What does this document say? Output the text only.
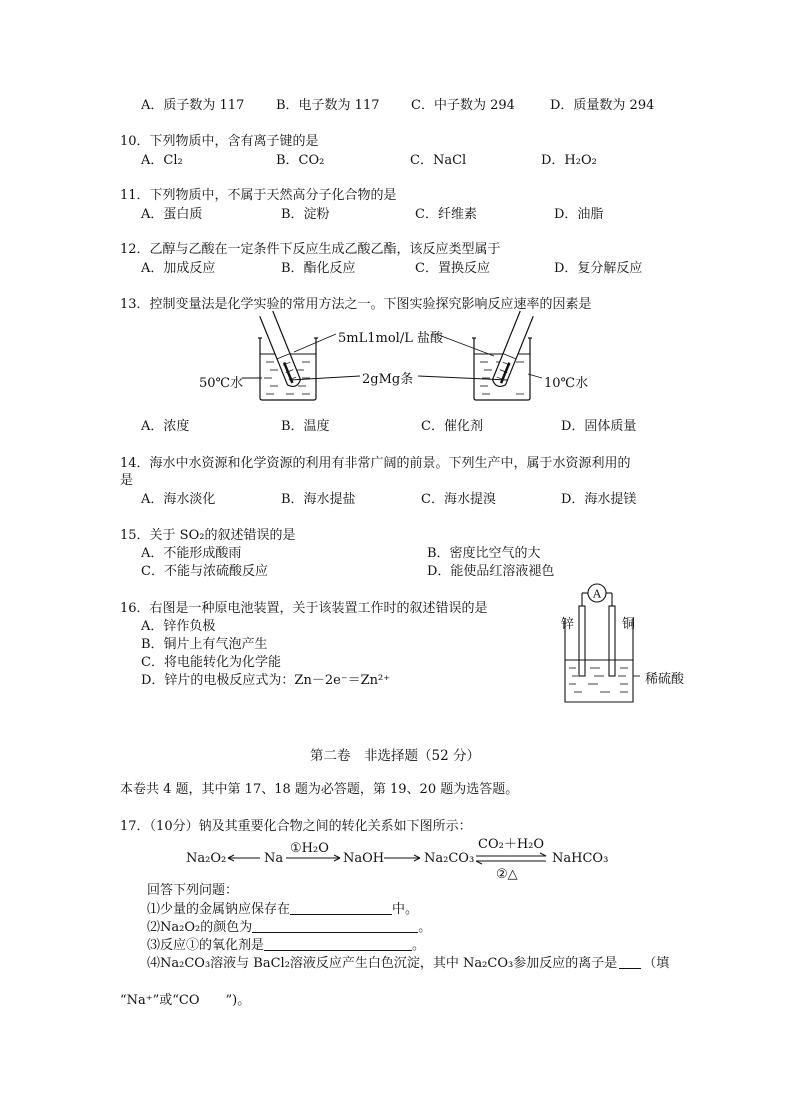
A．质子数为 117 B．电子数为 117 C．中子数为 294	D．质量数为 294
10．下列物质中，含有离子键的是
A．Cl₂	B．CO₂	C．NaCl	D．H₂O₂
11．下列物质中，不属于天然高分子化合物的是
A．蛋白质	B．淀粉	C．纤维素	D．油脂
12．乙醇与乙酸在一定条件下反应生成乙酸乙酯，该反应类型属于
A．加成反应	B．酯化反应	C．置换反应	D．复分解反应
13．控制变量法是化学实验的常用方法之一。下图实验探究影响反应速率的因素是
5mL1mol/L 盐酸
2gMg条
50℃水	10℃水
A．浓度	B．温度	C．催化剂	D．固体质量
14．海水中水资源和化学资源的利用有非常广阔的前景。下列生产中，属于水资源利用的
是
A．海水淡化	B．海水提盐	C．海水提溴	D．海水提镁
15．关于 SO₂的叙述错误的是
A．不能形成酸雨	B．密度比空气的大
C．不能与浓硫酸反应	D．能使品红溶液褪色
16．右图是一种原电池装置，关于该装置工作时的叙述错误的是
A．锌作负极
B．铜片上有气泡产生
C．将电能转化为化学能
D．锌片的电极反应式为：Zn－2e⁻＝Zn²⁺
A
锌	铜
稀硫酸
第二卷　非选择题（52 分）
本卷共 4 题，其中第 17、18 题为必答题，第 19、20 题为选答题。
17．（10分）钠及其重要化合物之间的转化关系如下图所示：
Na₂O₂	Na
①H₂O
NaOH	Na₂CO₃
CO₂＋H₂O
②△
NaHCO₃
回答下列问题：
⑴少量的金属钠应保存在	中。
⑵Na₂O₂的颜色为	。
⑶反应①的氧化剂是	。
⑷Na₂CO₃溶液与 BaCl₂溶液反应产生白色沉淀，其中 Na₂CO₃参加反应的离子是 （填
“Na⁺”或“CO　　”)。
